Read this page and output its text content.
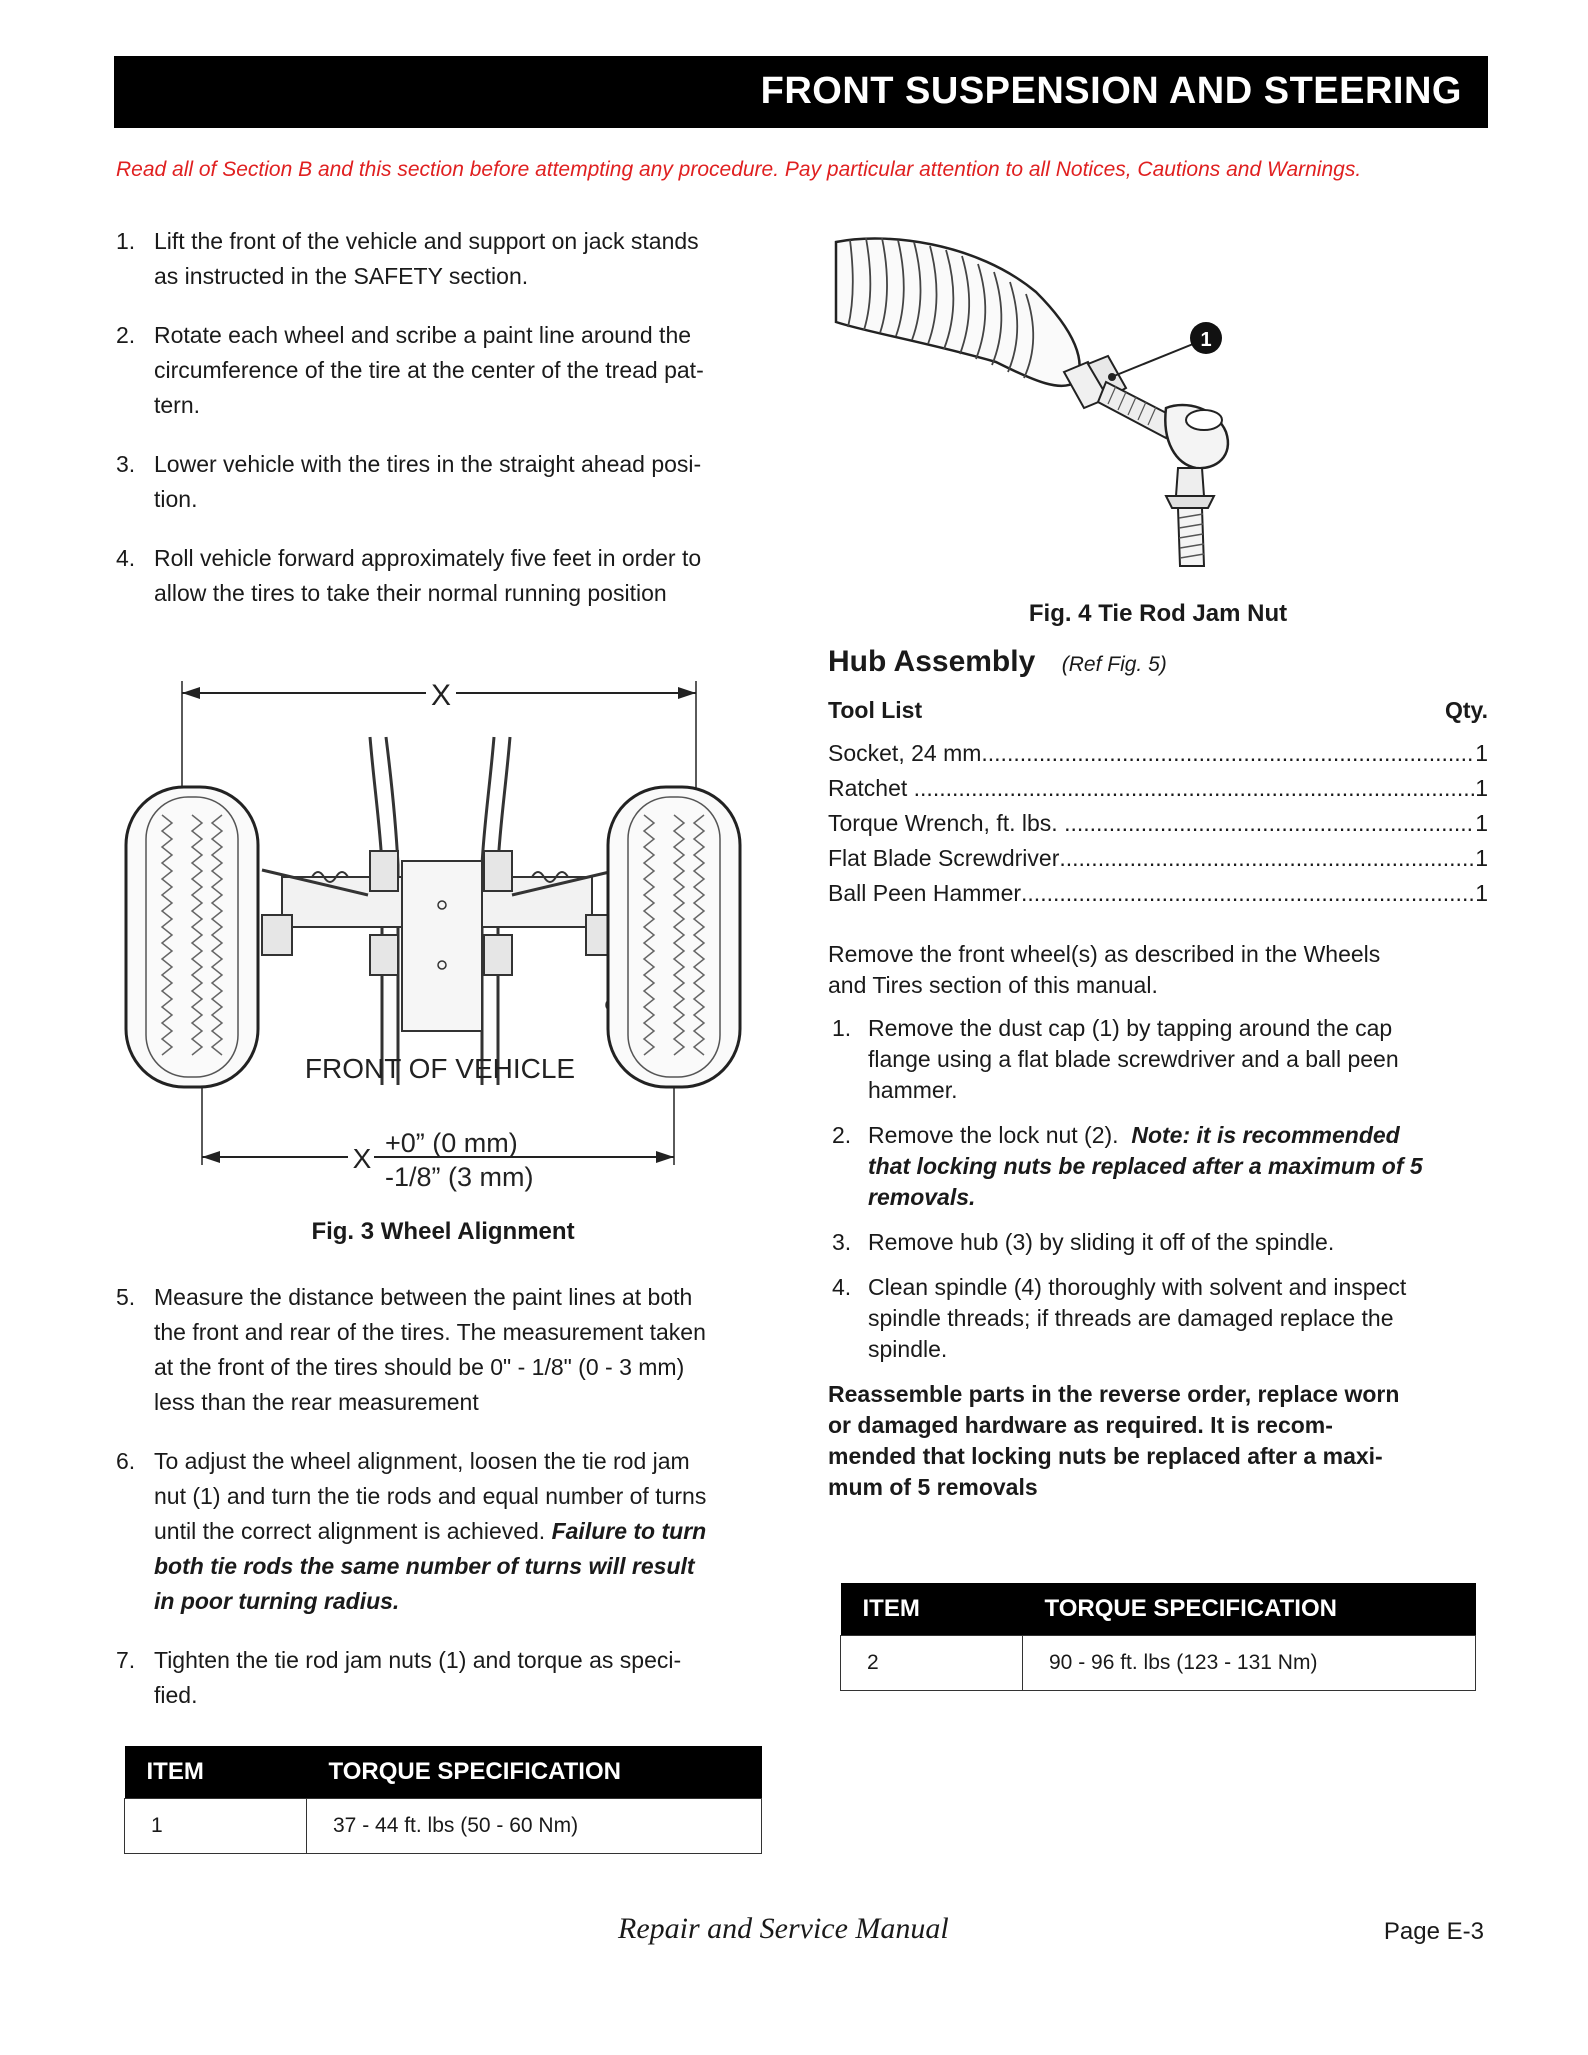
FRONT SUSPENSION AND STEERING
Read all of Section B and this section before attempting any procedure. Pay particular attention to all Notices, Cautions and Warnings.
1. Lift the front of the vehicle and support on jack stands
as instructed in the SAFETY section.
2. Rotate each wheel and scribe a paint line around the
circumference of the tire at the center of the tread pat-
tern.
3. Lower vehicle with the tires in the straight ahead posi-
tion.
4. Roll vehicle forward approximately five feet in order to
allow the tires to take their normal running position
X
FRONT OF VEHICLE
X +0” (0 mm)
-1/8” (3 mm)
Fig. 3 Wheel Alignment
5. Measure the distance between the paint lines at both
the front and rear of the tires. The measurement taken
at the front of the tires should be 0" - 1/8" (0 - 3 mm)
less than the rear measurement
6. To adjust the wheel alignment, loosen the tie rod jam
nut (1) and turn the tie rods and equal number of turns
until the correct alignment is achieved. Failure to turn
both tie rods the same number of turns will result
in poor turning radius.
7. Tighten the tie rod jam nuts (1) and torque as speci-
fied.
ITEM	TORQUE SPECIFICATION
1	37 - 44 ft. lbs (50 - 60 Nm)
1
Fig. 4 Tie Rod Jam Nut
Hub Assembly (Ref Fig. 5)
Tool List	Qty.
Socket, 24 mm .....	1
Ratchet .....	1
Torque Wrench, ft. lbs. .....	1
Flat Blade Screwdriver .....	1
Ball Peen Hammer .....	1
Remove the front wheel(s) as described in the Wheels
and Tires section of this manual.
1. Remove the dust cap (1) by tapping around the cap
flange using a flat blade screwdriver and a ball peen
hammer.
2. Remove the lock nut (2).  Note: it is recommended
that locking nuts be replaced after a maximum of 5
removals.
3. Remove hub (3) by sliding it off of the spindle.
4. Clean spindle (4) thoroughly with solvent and inspect
spindle threads; if threads are damaged replace the
spindle.
Reassemble parts in the reverse order, replace worn
or damaged hardware as required. It is recom-
mended that locking nuts be replaced after a maxi-
mum of 5 removals
ITEM	TORQUE SPECIFICATION
2	90 - 96 ft. lbs (123 - 131 Nm)
Repair and Service Manual	Page E-3
